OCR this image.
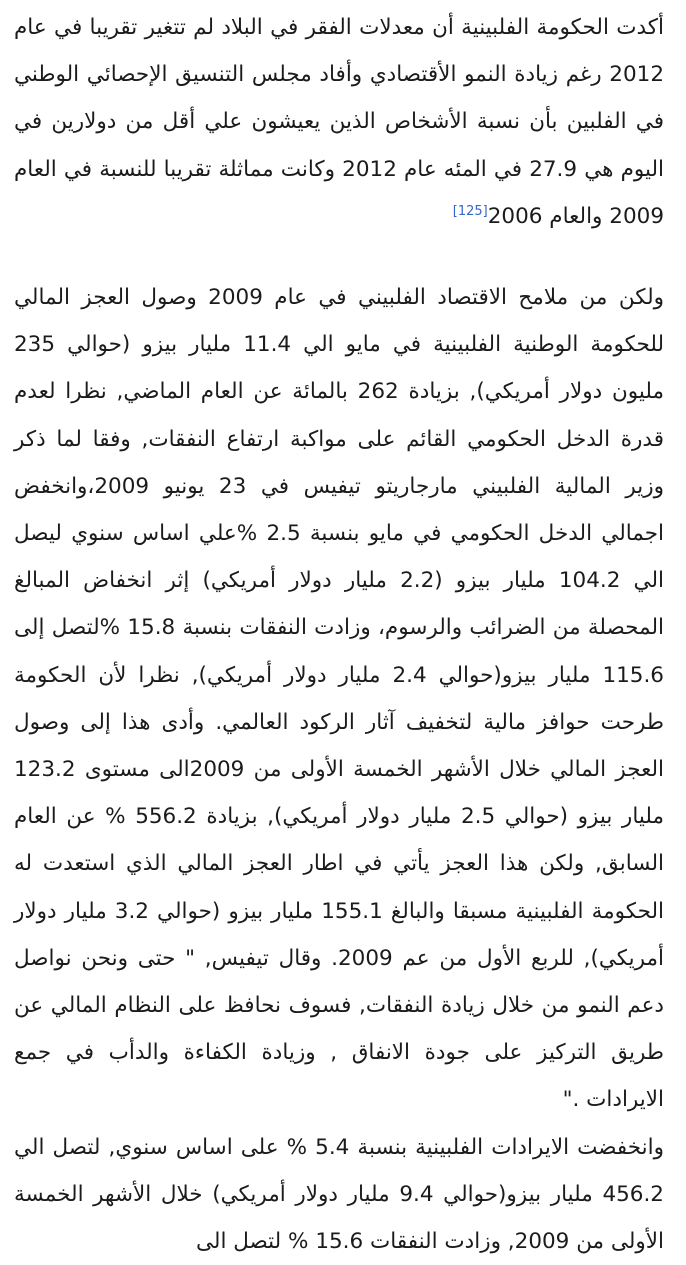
أكدت الحكومة الفلبينية أن معدلات الفقر في البلاد لم تتغير تقريبا في عام 2012 رغم زيادة النمو الأقتصادي وأفاد مجلس التنسيق الإحصائي الوطني في الفلبين بأن نسبة الأشخاص الذين يعيشون علي أقل من دولارين في اليوم هي 27.9 في المئه عام 2012 وكانت مماثلة تقريبا للنسبة في العام 2009 والعام 2006[125]

ولكن من ملامح الاقتصاد الفلبيني في عام 2009 وصول العجز المالي للحكومة الوطنية الفلبينية في مايو الي 11.4 مليار بيزو (حوالي 235 مليون دولار أمريكي), بزيادة 262 بالمائة عن العام الماضي, نظرا لعدم قدرة الدخل الحكومي القائم على مواكبة ارتفاع النفقات, وفقا لما ذكر وزير المالية الفلبيني مارجاريتو تيفيس في 23 يونيو 2009،وانخفض اجمالي الدخل الحكومي في مايو بنسبة 2.5 %علي اساس سنوي ليصل الي 104.2 مليار بيزو (2.2 مليار دولار أمريكي) إثر انخفاض المبالغ المحصلة من الضرائب والرسوم، وزادت النفقات بنسبة 15.8 %لتصل إلى 115.6 مليار بيزو(حوالي 2.4 مليار دولار أمريكي), نظرا لأن الحكومة طرحت حوافز مالية لتخفيف آثار الركود العالمي. وأدى هذا إلى وصول العجز المالي خلال الأشهر الخمسة الأولى من 2009الى مستوى 123.2 مليار بيزو (حوالي 2.5 مليار دولار أمريكي), بزيادة 556.2 % عن العام السابق, ولكن هذا العجز يأتي في اطار العجز المالي الذي استعدت له الحكومة الفلبينية مسبقا والبالغ 155.1 مليار بيزو (حوالي 3.2 مليار دولار أمريكي), للربع الأول من عم 2009. وقال تيفيس, " حتى ونحن نواصل دعم النمو من خلال زيادة النفقات, فسوف نحافظ على النظام المالي عن طريق التركيز على جودة الانفاق , وزيادة الكفاءة والدأب في جمع الايرادات ."

وانخفضت الايرادات الفلبينية بنسبة 5.4 % على اساس سنوي, لتصل الي 456.2 مليار بيزو(حوالي 9.4 مليار دولار أمريكي) خلال الأشهر الخمسة الأولى من 2009, وزادت النفقات 15.6 % لتصل الى
